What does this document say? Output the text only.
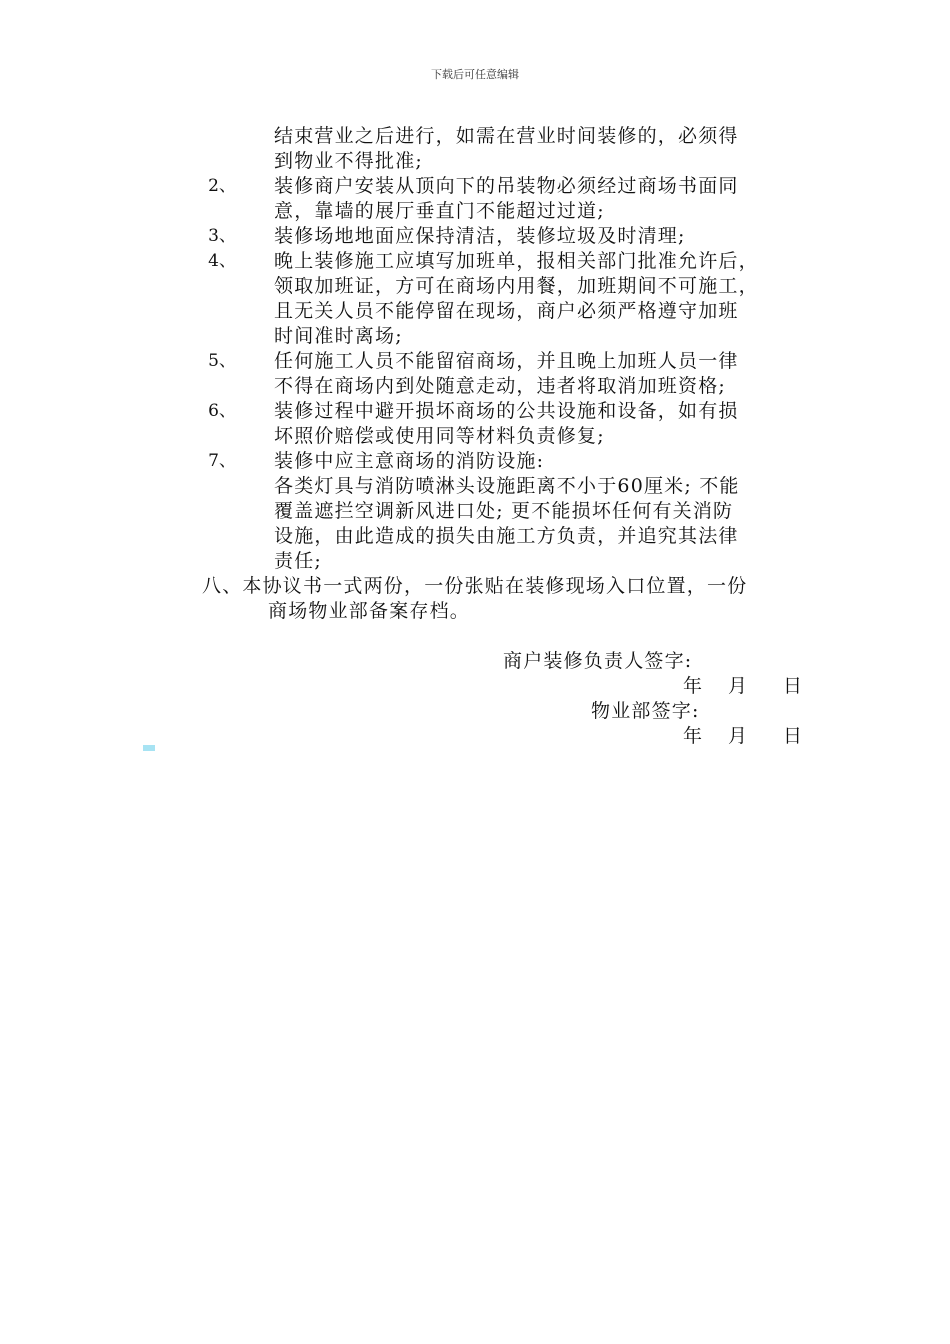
下载后可任意编辑
结束营业之后进行，如需在营业时间装修的，必须得
到物业不得批准;
2、 装修商户安装从顶向下的吊装物必须经过商场书面同
意，靠墙的展厅垂直门不能超过过道;
3、 装修场地地面应保持清洁，装修垃圾及时清理;
4、 晚上装修施工应填写加班单，报相关部门批准允许后，
领取加班证，方可在商场内用餐，加班期间不可施工，
且无关人员不能停留在现场，商户必须严格遵守加班
时间准时离场;
5、 任何施工人员不能留宿商场，并且晚上加班人员一律
不得在商场内到处随意走动，违者将取消加班资格;
6、 装修过程中避开损坏商场的公共设施和设备，如有损
坏照价赔偿或使用同等材料负责修复;
7、 装修中应主意商场的消防设施:
各类灯具与消防喷淋头设施距离不小于60厘米; 不能
覆盖遮拦空调新风进口处; 更不能损坏任何有关消防
设施，由此造成的损失由施工方负责，并追究其法律
责任;
八、本协议书一式两份，一份张贴在装修现场入口位置，一份
商场物业部备案存档。
商户装修负责人签字:
年 月 日
物业部签字:
年 月 日
